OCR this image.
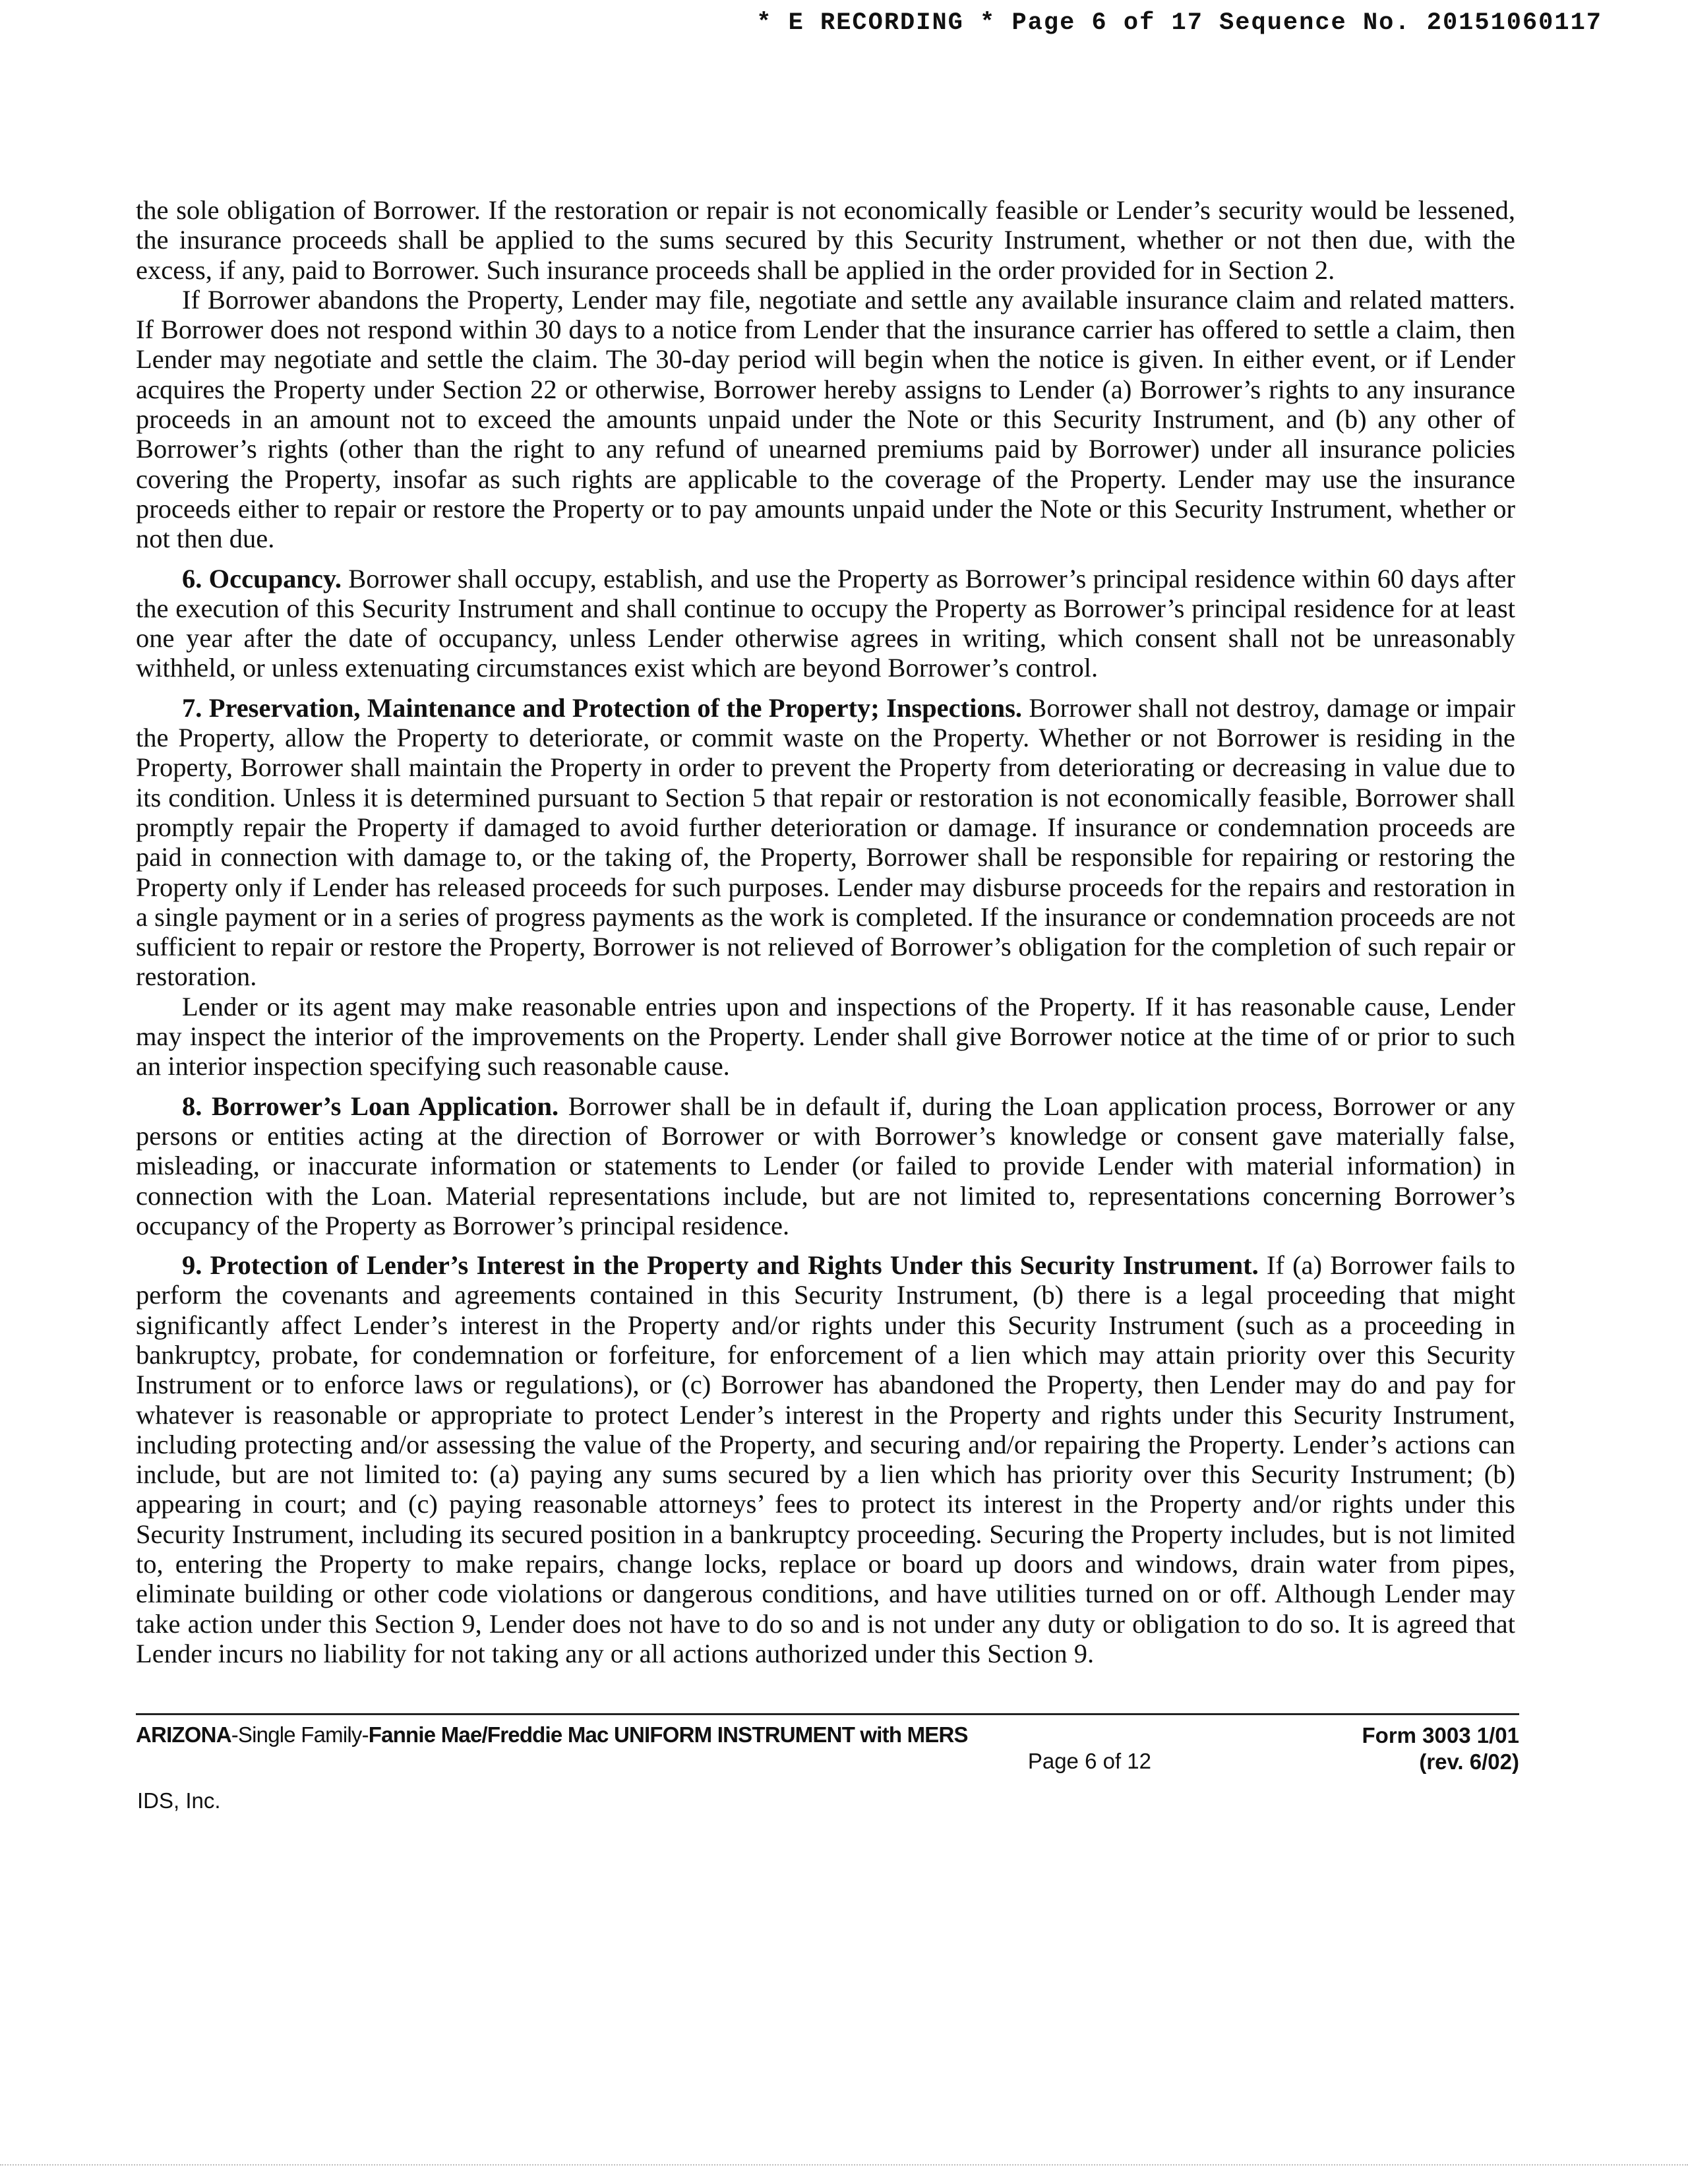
* E RECORDING * Page 6 of 17 Sequence No. 20151060117

the sole obligation of Borrower. If the restoration or repair is not economically feasible or Lender’s security would be lessened, the insurance proceeds shall be applied to the sums secured by this Security Instrument, whether or not then due, with the excess, if any, paid to Borrower. Such insurance proceeds shall be applied in the order provided for in Section 2.

If Borrower abandons the Property, Lender may file, negotiate and settle any available insurance claim and related matters. If Borrower does not respond within 30 days to a notice from Lender that the insurance carrier has offered to settle a claim, then Lender may negotiate and settle the claim. The 30-day period will begin when the notice is given. In either event, or if Lender acquires the Property under Section 22 or otherwise, Borrower hereby assigns to Lender (a) Borrower’s rights to any insurance proceeds in an amount not to exceed the amounts unpaid under the Note or this Security Instrument, and (b) any other of Borrower’s rights (other than the right to any refund of unearned premiums paid by Borrower) under all insurance policies covering the Property, insofar as such rights are applicable to the coverage of the Property. Lender may use the insurance proceeds either to repair or restore the Property or to pay amounts unpaid under the Note or this Security Instrument, whether or not then due.

6. Occupancy. Borrower shall occupy, establish, and use the Property as Borrower’s principal residence within 60 days after the execution of this Security Instrument and shall continue to occupy the Property as Borrower’s principal residence for at least one year after the date of occupancy, unless Lender otherwise agrees in writing, which consent shall not be unreasonably withheld, or unless extenuating circumstances exist which are beyond Borrower’s control.

7. Preservation, Maintenance and Protection of the Property; Inspections. Borrower shall not destroy, damage or impair the Property, allow the Property to deteriorate, or commit waste on the Property. Whether or not Borrower is residing in the Property, Borrower shall maintain the Property in order to prevent the Property from deteriorating or decreasing in value due to its condition. Unless it is determined pursuant to Section 5 that repair or restoration is not economically feasible, Borrower shall promptly repair the Property if damaged to avoid further deterioration or damage. If insurance or condemnation proceeds are paid in connection with damage to, or the taking of, the Property, Borrower shall be responsible for repairing or restoring the Property only if Lender has released proceeds for such purposes. Lender may disburse proceeds for the repairs and restoration in a single payment or in a series of progress payments as the work is completed. If the insurance or condemnation proceeds are not sufficient to repair or restore the Property, Borrower is not relieved of Borrower’s obligation for the completion of such repair or restoration.

Lender or its agent may make reasonable entries upon and inspections of the Property. If it has reasonable cause, Lender may inspect the interior of the improvements on the Property. Lender shall give Borrower notice at the time of or prior to such an interior inspection specifying such reasonable cause.

8. Borrower’s Loan Application. Borrower shall be in default if, during the Loan application process, Borrower or any persons or entities acting at the direction of Borrower or with Borrower’s knowledge or consent gave materially false, misleading, or inaccurate information or statements to Lender (or failed to provide Lender with material information) in connection with the Loan. Material representations include, but are not limited to, representations concerning Borrower’s occupancy of the Property as Borrower’s principal residence.

9. Protection of Lender’s Interest in the Property and Rights Under this Security Instrument. If (a) Borrower fails to perform the covenants and agreements contained in this Security Instrument, (b) there is a legal proceeding that might significantly affect Lender’s interest in the Property and/or rights under this Security Instrument (such as a proceeding in bankruptcy, probate, for condemnation or forfeiture, for enforcement of a lien which may attain priority over this Security Instrument or to enforce laws or regulations), or (c) Borrower has abandoned the Property, then Lender may do and pay for whatever is reasonable or appropriate to protect Lender’s interest in the Property and rights under this Security Instrument, including protecting and/or assessing the value of the Property, and securing and/or repairing the Property. Lender’s actions can include, but are not limited to: (a) paying any sums secured by a lien which has priority over this Security Instrument; (b) appearing in court; and (c) paying reasonable attorneys’ fees to protect its interest in the Property and/or rights under this Security Instrument, including its secured position in a bankruptcy proceeding. Securing the Property includes, but is not limited to, entering the Property to make repairs, change locks, replace or board up doors and windows, drain water from pipes, eliminate building or other code violations or dangerous conditions, and have utilities turned on or off. Although Lender may take action under this Section 9, Lender does not have to do so and is not under any duty or obligation to do so. It is agreed that Lender incurs no liability for not taking any or all actions authorized under this Section 9.

ARIZONA-Single Family-Fannie Mae/Freddie Mac UNIFORM INSTRUMENT with MERS
Page 6 of 12
Form 3003 1/01
(rev. 6/02)
IDS, Inc.
